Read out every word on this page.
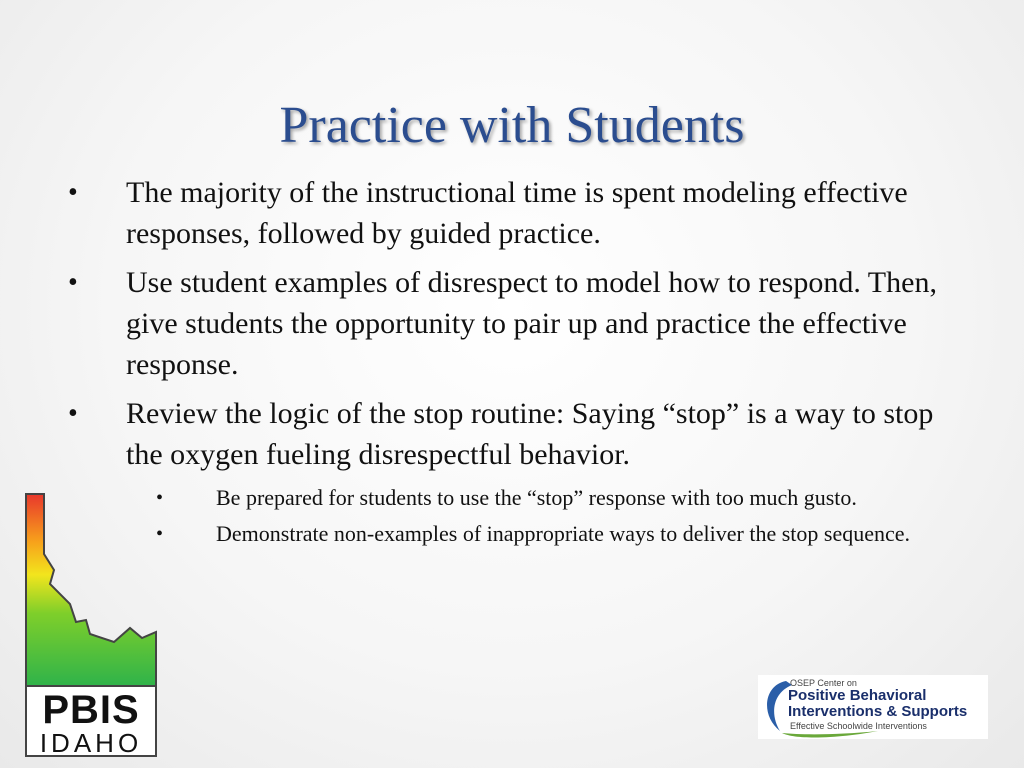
Practice with Students
•	The majority of the instructional time is spent modeling effective responses, followed by guided practice.
•	Use student examples of disrespect to model how to respond. Then, give students the opportunity to pair up and practice the effective response.
•	Review the logic of the stop routine: Saying “stop” is a way to stop the oxygen fueling disrespectful behavior.
•	Be prepared for students to use the “stop” response with too much gusto.
•	Demonstrate non-examples of inappropriate ways to deliver the stop sequence.
PBIS
IDAHO
OSEP Center on
Positive Behavioral
Interventions & Supports
Effective Schoolwide Interventions
